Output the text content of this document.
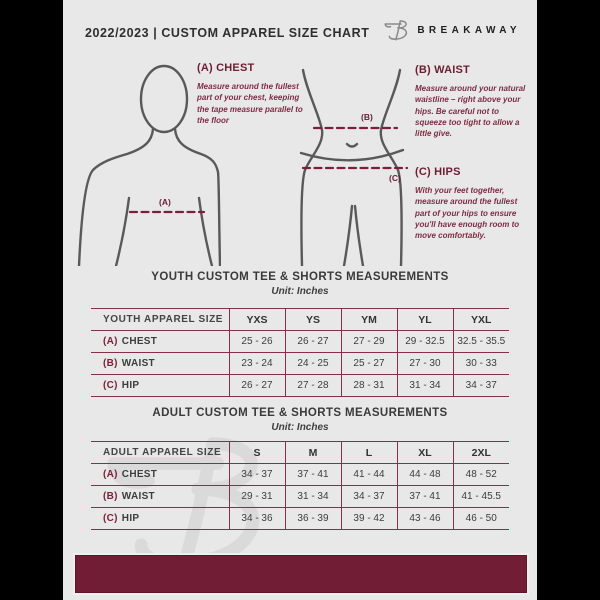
2022/2023 | CUSTOM APPAREL SIZE CHART	BREAKAWAY
(A)
(A) CHEST

Measure around the fullest part of your chest, keeping the tape measure parallel to the floor	(B)
(C)
(B) WAIST

Measure around your natural waistline – right above your hips. Be careful not to squeeze too tight to allow a little give.

(C) HIPS

With your feet together, measure around the fullest part of your hips to ensure you'll have enough room to move comfortably.

YOUTH CUSTOM TEE & SHORTS MEASUREMENTS
Unit: Inches
YOUTH APPAREL SIZE	YXS	YS	YM	YL	YXL
(A) CHEST	25 - 26	26 - 27	27 - 29	29 - 32.5	32.5 - 35.5
(B) WAIST	23 - 24	24 - 25	25 - 27	27 - 30	30 - 33
(C) HIP	26 - 27	27 - 28	28 - 31	31 - 34	34 - 37
ADULT CUSTOM TEE & SHORTS MEASUREMENTS
Unit: Inches
ADULT APPAREL SIZE	S	M	L	XL	2XL
(A) CHEST	34 - 37	37 - 41	41 - 44	44 - 48	48 - 52
(B) WAIST	29 - 31	31 - 34	34 - 37	37 - 41	41 - 45.5
(C) HIP	34 - 36	36 - 39	39 - 42	43 - 46	46 - 50
